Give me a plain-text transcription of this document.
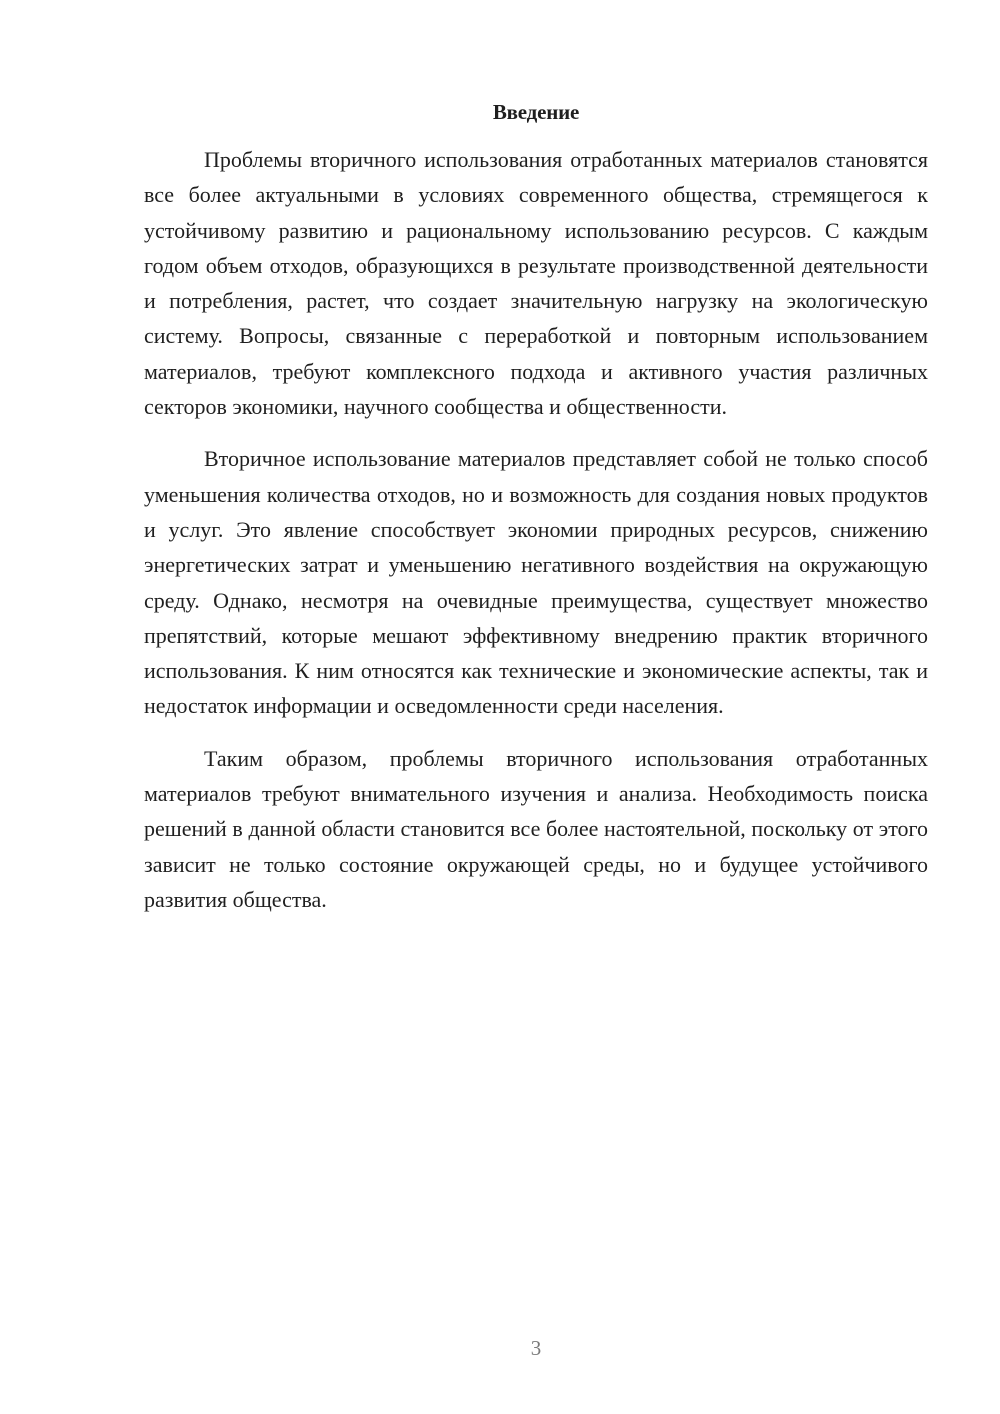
Введение

Проблемы вторичного использования отработанных материалов становятся все более актуальными в условиях современного общества, стремящегося к устойчивому развитию и рациональному использованию ресурсов. С каждым годом объем отходов, образующихся в результате производственной деятельности и потребления, растет, что создает значительную нагрузку на экологическую систему. Вопросы, связанные с переработкой и повторным использованием материалов, требуют комплексного подхода и активного участия различных секторов экономики, научного сообщества и общественности.

Вторичное использование материалов представляет собой не только способ уменьшения количества отходов, но и возможность для создания новых продуктов и услуг. Это явление способствует экономии природных ресурсов, снижению энергетических затрат и уменьшению негативного воздействия на окружающую среду. Однако, несмотря на очевидные преимущества, существует множество препятствий, которые мешают эффективному внедрению практик вторичного использования. К ним относятся как технические и экономические аспекты, так и недостаток информации и осведомленности среди населения.

Таким образом, проблемы вторичного использования отработанных материалов требуют внимательного изучения и анализа. Необходимость поиска решений в данной области становится все более настоятельной, поскольку от этого зависит не только состояние окружающей среды, но и будущее устойчивого развития общества.

3
